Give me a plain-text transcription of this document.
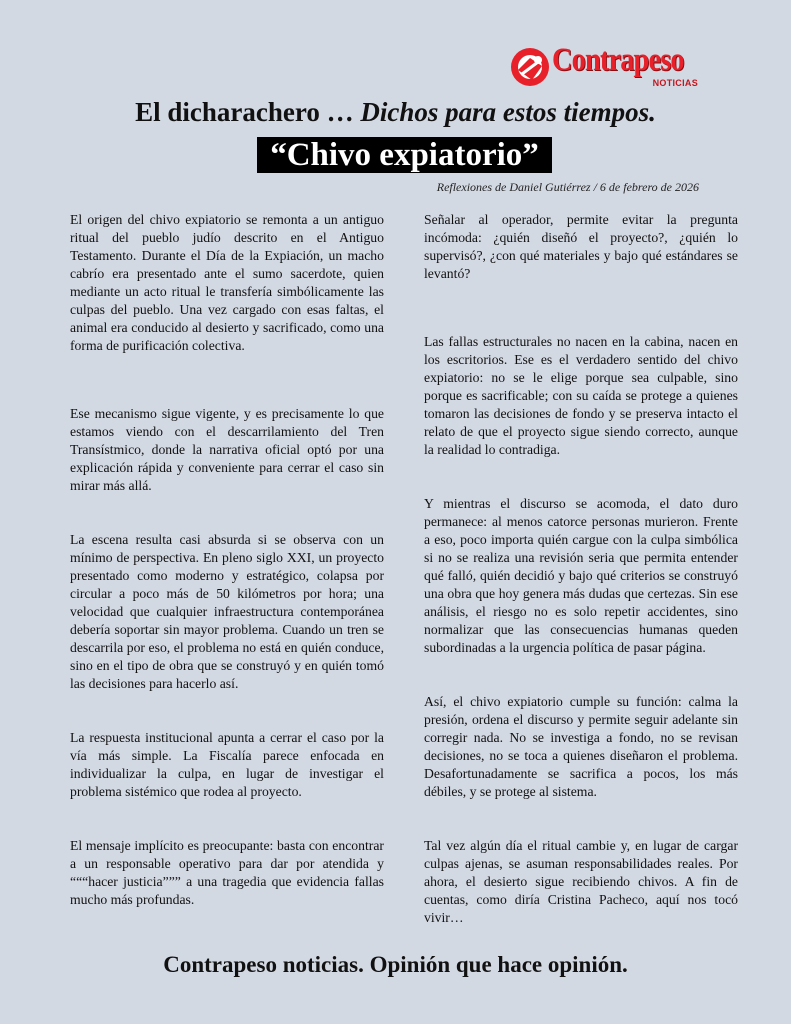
Contrapeso
NOTICIAS
El dicharachero … Dichos para estos tiempos.
“Chivo expiatorio”
Reflexiones de Daniel Gutiérrez / 6 de febrero de 2026

El origen del chivo expiatorio se remonta a un antiguo ritual del pueblo judío descrito en el Antiguo Testamento. Durante el Día de la Expiación, un macho cabrío era presentado ante el sumo sacerdote, quien mediante un acto ritual le transfería simbólicamente las culpas del pueblo. Una vez cargado con esas faltas, el animal era conducido al desierto y sacrificado, como una forma de purificación colectiva.

Ese mecanismo sigue vigente, y es precisamente lo que estamos viendo con el descarrilamiento del Tren Transístmico, donde la narrativa oficial optó por una explicación rápida y conveniente para cerrar el caso sin mirar más allá.

La escena resulta casi absurda si se observa con un mínimo de perspectiva. En pleno siglo XXI, un proyecto presentado como moderno y estratégico, colapsa por circular a poco más de 50 kilómetros por hora; una velocidad que cualquier infraestructura contemporánea debería soportar sin mayor problema. Cuando un tren se descarrila por eso, el problema no está en quién conduce, sino en el tipo de obra que se construyó y en quién tomó las decisiones para hacerlo así.

La respuesta institucional apunta a cerrar el caso por la vía más simple. La Fiscalía parece enfocada en individualizar la culpa, en lugar de investigar el problema sistémico que rodea al proyecto.

El mensaje implícito es preocupante: basta con encontrar a un responsable operativo para dar por atendida y “““hacer justicia””” a una tragedia que evidencia fallas mucho más profundas.

Señalar al operador, permite evitar la pregunta incómoda: ¿quién diseñó el proyecto?, ¿quién lo supervisó?, ¿con qué materiales y bajo qué estándares se levantó?

Las fallas estructurales no nacen en la cabina, nacen en los escritorios. Ese es el verdadero sentido del chivo expiatorio: no se le elige porque sea culpable, sino porque es sacrificable; con su caída se protege a quienes tomaron las decisiones de fondo y se preserva intacto el relato de que el proyecto sigue siendo correcto, aunque la realidad lo contradiga.

Y mientras el discurso se acomoda, el dato duro permanece: al menos catorce personas murieron. Frente a eso, poco importa quién cargue con la culpa simbólica si no se realiza una revisión seria que permita entender qué falló, quién decidió y bajo qué criterios se construyó una obra que hoy genera más dudas que certezas. Sin ese análisis, el riesgo no es solo repetir accidentes, sino normalizar que las consecuencias humanas queden subordinadas a la urgencia política de pasar página.

Así, el chivo expiatorio cumple su función: calma la presión, ordena el discurso y permite seguir adelante sin corregir nada. No se investiga a fondo, no se revisan decisiones, no se toca a quienes diseñaron el problema. Desafortunadamente se sacrifica a pocos, los más débiles, y se protege al sistema.

Tal vez algún día el ritual cambie y, en lugar de cargar culpas ajenas, se asuman responsabilidades reales. Por ahora, el desierto sigue recibiendo chivos. A fin de cuentas, como diría Cristina Pacheco, aquí nos tocó vivir…

Contrapeso noticias. Opinión que hace opinión.
